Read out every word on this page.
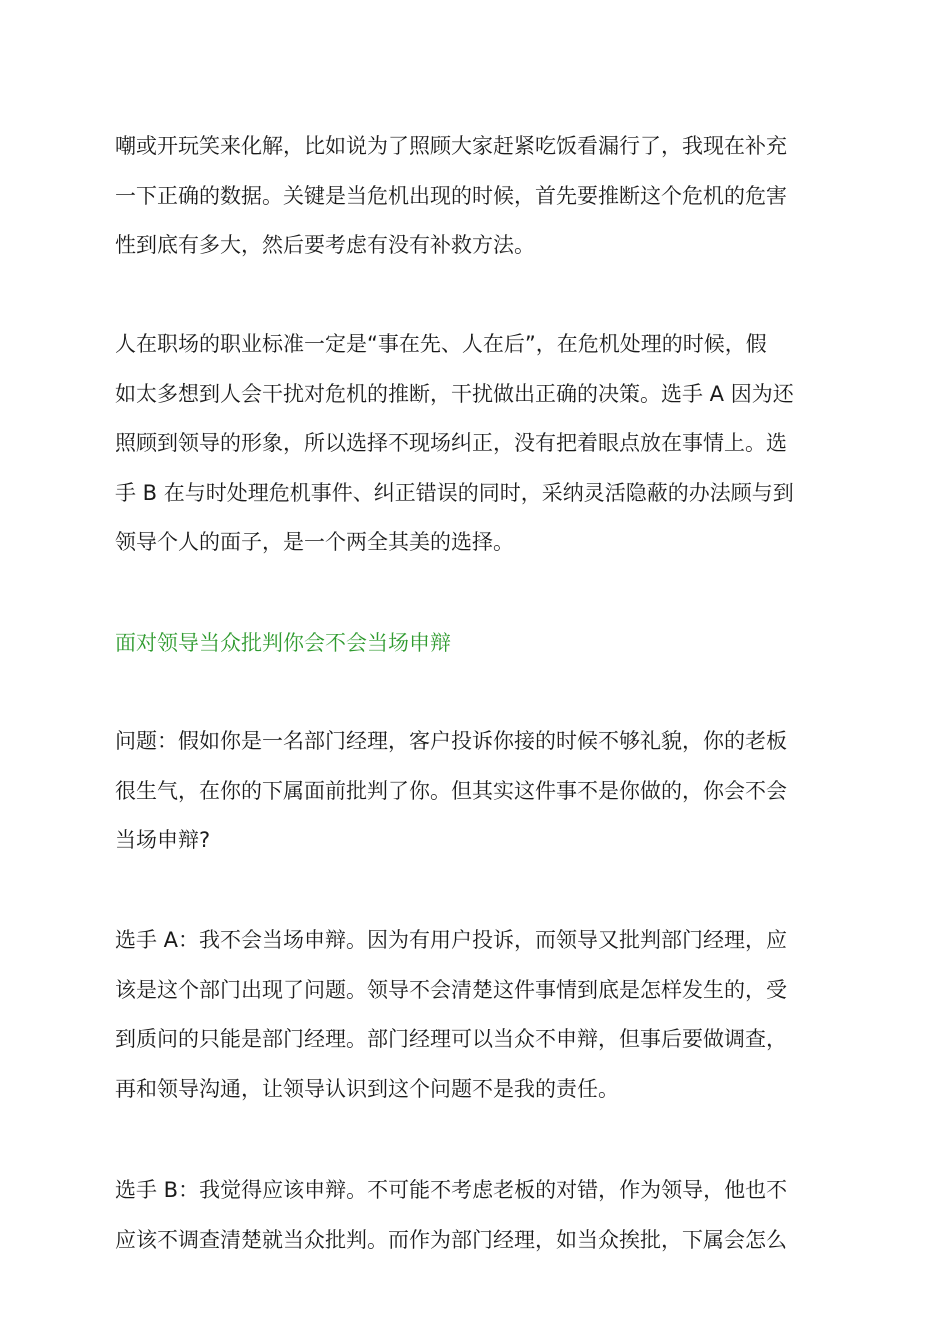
嘲或开玩笑来化解，比如说为了照顾大家赶紧吃饭看漏行了，我现在补充
一下正确的数据。关键是当危机出现的时候，首先要推断这个危机的危害
性到底有多大，然后要考虑有没有补救方法。
人在职场的职业标准一定是“事在先、人在后”，在危机处理的时候，假
如太多想到人会干扰对危机的推断，干扰做出正确的决策。选手 A 因为还
照顾到领导的形象，所以选择不现场纠正，没有把着眼点放在事情上。选
手 B 在与时处理危机事件、纠正错误的同时，采纳灵活隐蔽的办法顾与到
领导个人的面子，是一个两全其美的选择。
面对领导当众批判你会不会当场申辩
问题：假如你是一名部门经理，客户投诉你接的时候不够礼貌，你的老板
很生气，在你的下属面前批判了你。但其实这件事不是你做的，你会不会
当场申辩?
选手 A：我不会当场申辩。因为有用户投诉，而领导又批判部门经理，应
该是这个部门出现了问题。领导不会清楚这件事情到底是怎样发生的，受
到质问的只能是部门经理。部门经理可以当众不申辩，但事后要做调查，
再和领导沟通，让领导认识到这个问题不是我的责任。
选手 B：我觉得应该申辩。不可能不考虑老板的对错，作为领导，他也不
应该不调查清楚就当众批判。而作为部门经理，如当众挨批，下属会怎么
